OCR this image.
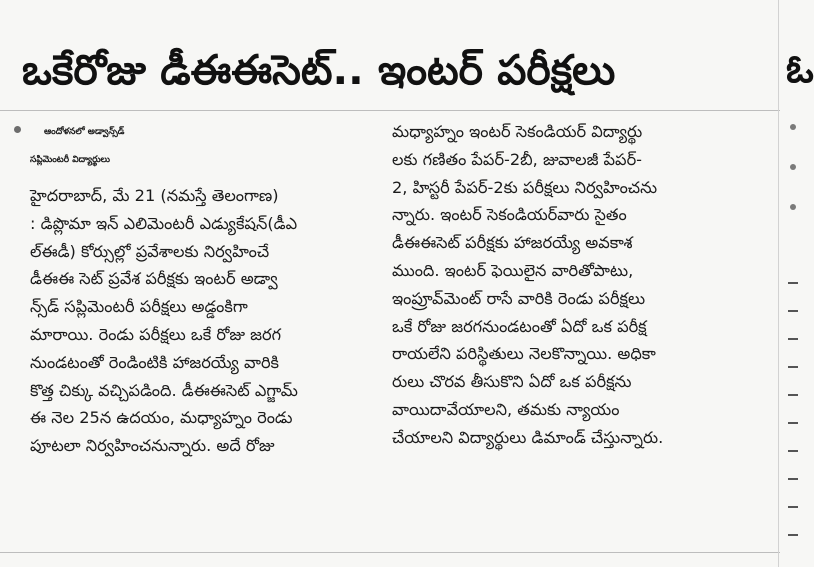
ఒకేరోజు డీఈఈసెట్‌.. ఇంటర్‌ పరీక్షలు
ఆందోళనలో అడ్వాన్స్‌డ్‌
సప్లిమెంటరీ విద్యార్థులు
హైదరాబాద్‌, మే 21 (నమస్తే తెలంగాణ)
: డిప్లొమా ఇన్‌ ఎలిమెంటరీ ఎడ్యుకేషన్‌(డీఎ
ల్‌ఈడీ) కోర్సుల్లో ప్రవేశాలకు నిర్వహించే
డీఈఈ సెట్‌ ప్రవేశ పరీక్షకు ఇంటర్‌ అడ్వా
న్స్‌డ్‌ సప్లిమెంటరీ పరీక్షలు అడ్డంకిగా
మారాయి. రెండు పరీక్షలు ఒకే రోజు జరగ
నుండటంతో రెండింటికి హాజరయ్యే వారికి
కొత్త చిక్కు వచ్చిపడింది. డీఈఈసెట్‌ ఎగ్జామ్‌
ఈ నెల 25న ఉదయం, మధ్యాహ్నం రెండు
పూటలా నిర్వహించనున్నారు. అదే రోజు
మధ్యాహ్నం ఇంటర్‌ సెకండియర్‌ విద్యార్థు
లకు గణితం పేపర్‌-2బీ, జువాలజీ పేపర్‌-
2, హిస్టరీ పేపర్‌-2కు పరీక్షలు నిర్వహించను
న్నారు. ఇంటర్‌ సెకండియర్‌వారు సైతం
డీఈఈసెట్‌ పరీక్షకు హాజరయ్యే అవకాశ
ముంది. ఇంటర్‌ ఫెయిలైన వారితోపాటు,
ఇంప్రూవ్‌మెంట్‌ రాసే వారికి రెండు పరీక్షలు
ఒకే రోజు జరగనుండటంతో ఏదో ఒక పరీక్ష
రాయలేని పరిస్థితులు నెలకొన్నాయి. అధికా
రులు చొరవ తీసుకొని ఏదో ఒక పరీక్షను
వాయిదావేయాలని, తమకు న్యాయం
చేయాలని విద్యార్థులు డిమాండ్‌ చేస్తున్నారు.
ఓ
